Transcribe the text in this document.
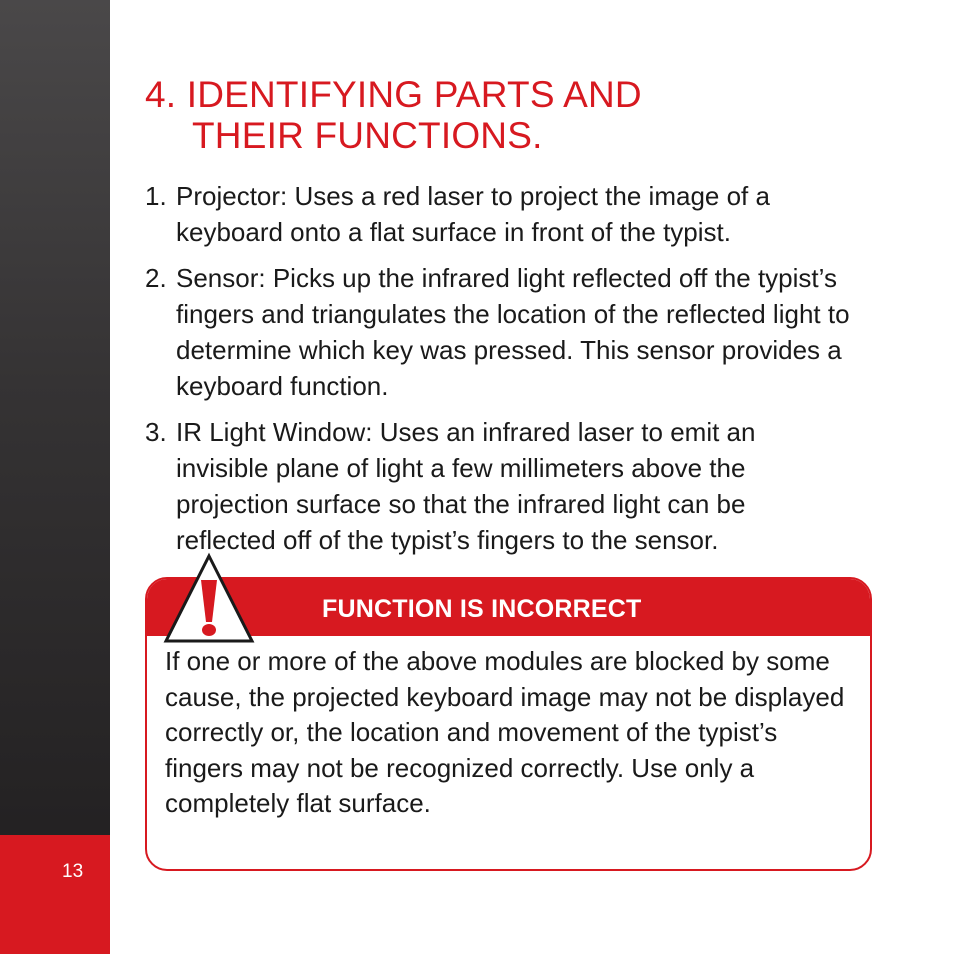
13
4. IDENTIFYING PARTS AND
THEIR FUNCTIONS.
1. Projector: Uses a red laser to project the image of a keyboard onto a flat surface in front of the typist.
2. Sensor: Picks up the infrared light reflected off the typist’s fingers and triangulates the location of the reflected light to determine which key was pressed. This sensor provides a keyboard function.
3. IR Light Window: Uses an infrared laser to emit an invisible plane of light a few millimeters above the projection surface so that the infrared light can be reflected off of the typist’s fingers to the sensor.
FUNCTION IS INCORRECT

If one or more of the above modules are blocked by some cause, the projected keyboard image may not be displayed correctly or, the location and movement of the typist’s fingers may not be recognized correctly. Use only a completely flat surface.
